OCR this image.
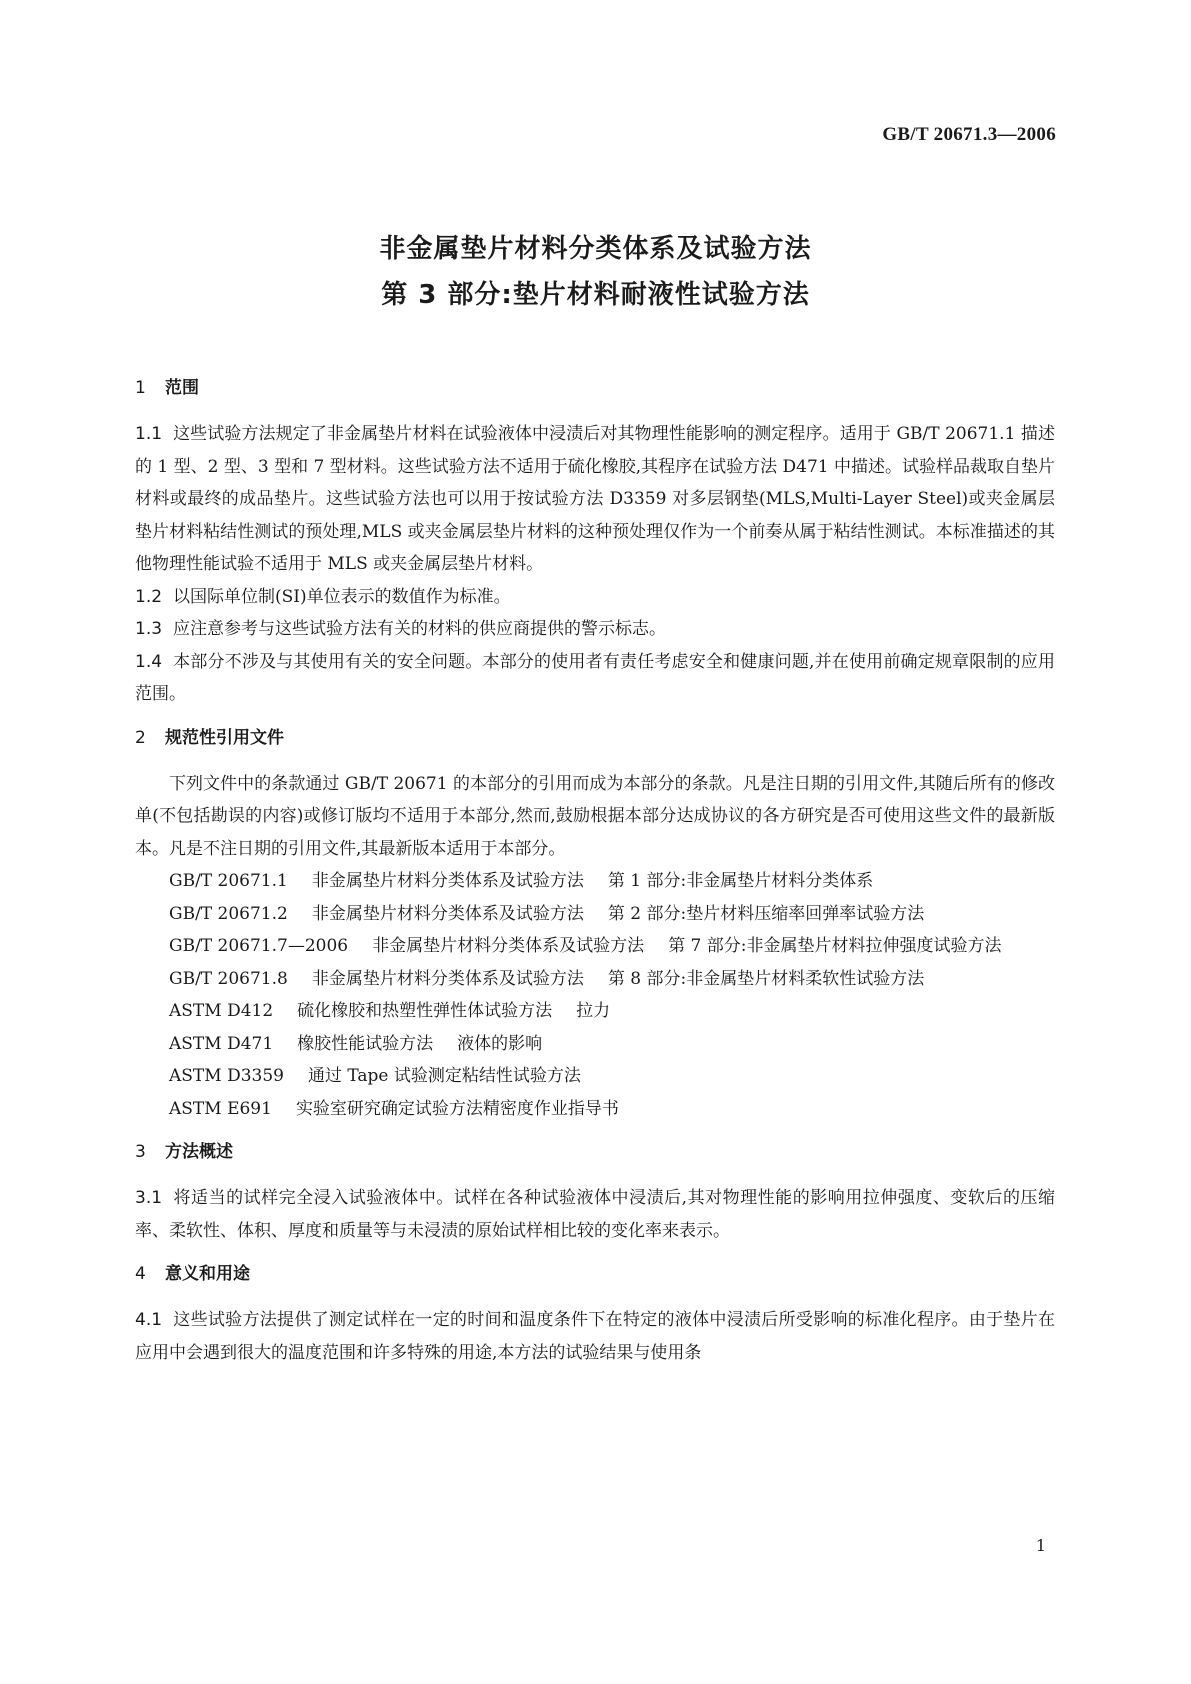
GB/T 20671.3—2006
非金属垫片材料分类体系及试验方法
第 3 部分:垫片材料耐液性试验方法
1 范围

1.1 这些试验方法规定了非金属垫片材料在试验液体中浸渍后对其物理性能影响的测定程序。适用于 GB/T 20671.1 描述的 1 型、2 型、3 型和 7 型材料。这些试验方法不适用于硫化橡胶,其程序在试验方法 D471 中描述。试验样品裁取自垫片材料或最终的成品垫片。这些试验方法也可以用于按试验方法 D3359 对多层钢垫(MLS,Multi-Layer Steel)或夹金属层垫片材料粘结性测试的预处理,MLS 或夹金属层垫片材料的这种预处理仅作为一个前奏从属于粘结性测试。本标准描述的其他物理性能试验不适用于 MLS 或夹金属层垫片材料。

1.2 以国际单位制(SI)单位表示的数值作为标准。

1.3 应注意参考与这些试验方法有关的材料的供应商提供的警示标志。

1.4 本部分不涉及与其使用有关的安全问题。本部分的使用者有责任考虑安全和健康问题,并在使用前确定规章限制的应用范围。

2 规范性引用文件

下列文件中的条款通过 GB/T 20671 的本部分的引用而成为本部分的条款。凡是注日期的引用文件,其随后所有的修改单(不包括勘误的内容)或修订版均不适用于本部分,然而,鼓励根据本部分达成协议的各方研究是否可使用这些文件的最新版本。凡是不注日期的引用文件,其最新版本适用于本部分。

GB/T 20671.1 非金属垫片材料分类体系及试验方法 第 1 部分:非金属垫片材料分类体系

GB/T 20671.2 非金属垫片材料分类体系及试验方法 第 2 部分:垫片材料压缩率回弹率试验方法

GB/T 20671.7—2006 非金属垫片材料分类体系及试验方法 第 7 部分:非金属垫片材料拉伸强度试验方法

GB/T 20671.8 非金属垫片材料分类体系及试验方法 第 8 部分:非金属垫片材料柔软性试验方法

ASTM D412 硫化橡胶和热塑性弹性体试验方法 拉力

ASTM D471 橡胶性能试验方法 液体的影响

ASTM D3359 通过 Tape 试验测定粘结性试验方法

ASTM E691 实验室研究确定试验方法精密度作业指导书

3 方法概述

3.1 将适当的试样完全浸入试验液体中。试样在各种试验液体中浸渍后,其对物理性能的影响用拉伸强度、变软后的压缩率、柔软性、体积、厚度和质量等与未浸渍的原始试样相比较的变化率来表示。

4 意义和用途

4.1 这些试验方法提供了测定试样在一定的时间和温度条件下在特定的液体中浸渍后所受影响的标准化程序。由于垫片在应用中会遇到很大的温度范围和许多特殊的用途,本方法的试验结果与使用条

1
